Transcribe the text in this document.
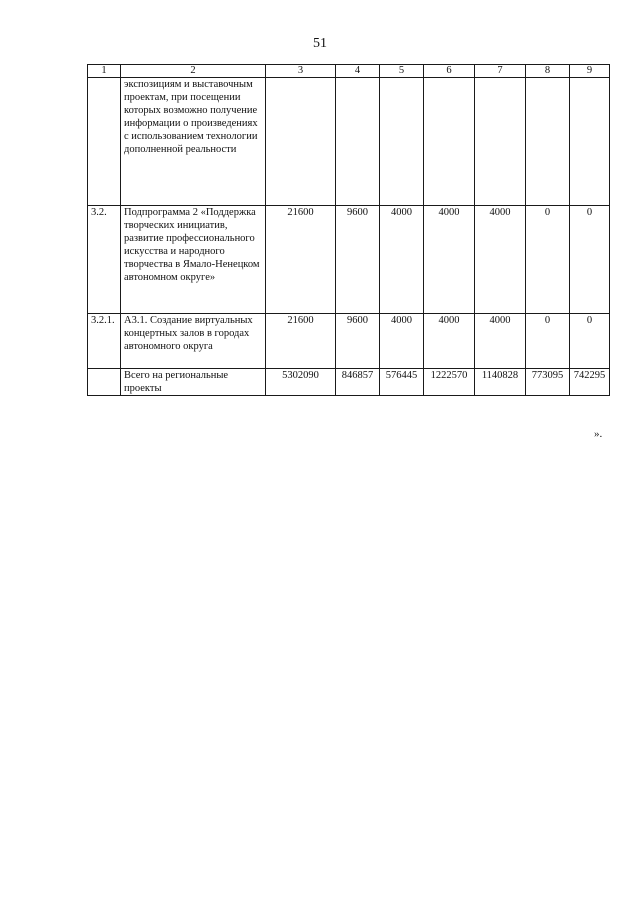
51
1	2	3	4	5	6	7	8	9
	экспозициям и выставочным проектам, при посещении которых возможно получение информации о произведениях с использованием технологии дополненной реальности							
3.2.	Подпрограмма 2 «Поддержка творческих инициатив, развитие профессионального искусства и народного творчества в Ямало-Ненецком автономном округе»	21600	9600	4000	4000	4000	0	0
3.2.1.	А3.1. Создание виртуальных концертных залов в городах автономного округа	21600	9600	4000	4000	4000	0	0
	Всего на региональные проекты	5302090	846857	576445	1222570	1140828	773095	742295
».
